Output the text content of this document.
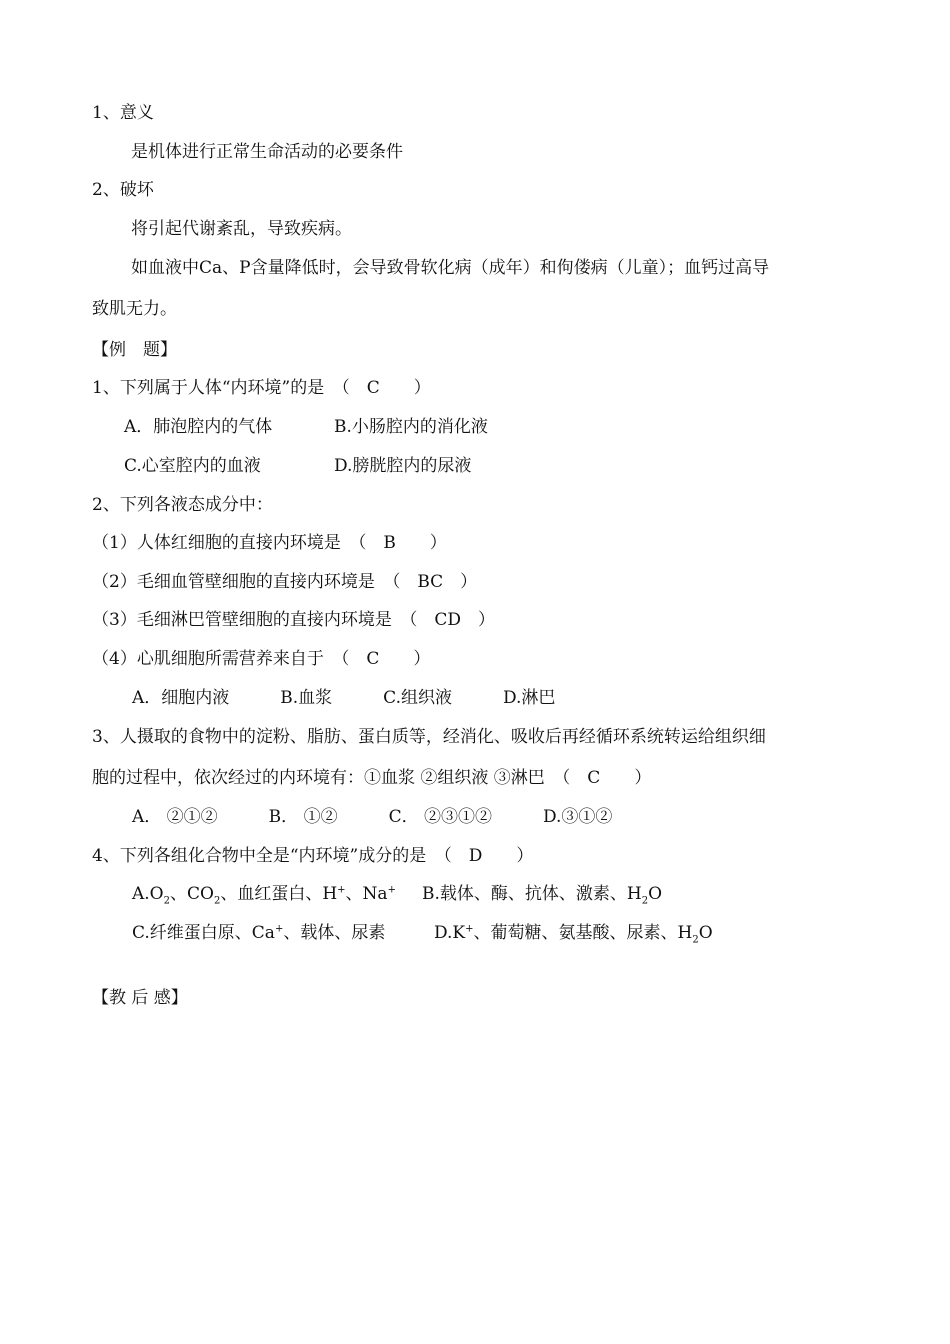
1、意义
是机体进行正常生命活动的必要条件
2、破坏
将引起代谢紊乱，导致疾病。
如血液中Ca、P含量降低时，会导致骨软化病（成年）和佝偻病（儿童）；血钙过高导
致肌无力。
【例　题】
1、下列属于人体“内环境”的是　（　C　　）
A．肺泡腔内的气体	B.小肠腔内的消化液
C.心室腔内的血液	D.膀胱腔内的尿液
2、下列各液态成分中：
（1）人体红细胞的直接内环境是　（　B　　）
（2）毛细血管壁细胞的直接内环境是　（　BC　）
（3）毛细淋巴管壁细胞的直接内环境是　（　CD　）
（4）心肌细胞所需营养来自于　（　C　　）
A．细胞内液　　　B.血浆　　　C.组织液　　　D.淋巴
3、人摄取的食物中的淀粉、脂肪、蛋白质等，经消化、吸收后再经循环系统转运给组织细
胞的过程中，依次经过的内环境有：①血浆 ②组织液 ③淋巴　（　C　　）
A． ②①②　　　B． ①②　　　C． ②③①②　　　D.③①②
4、下列各组化合物中全是“内环境”成分的是　（　D　　）
$A.O_2$、$CO_2$、血红蛋白、H+、Na+ B.载体、酶、抗体、激素、$H_2O$
C.纤维蛋白原、Ca+、载体、尿素	D.K+、葡萄糖、氨基酸、尿素、$H_2O$
【教 后 感】
